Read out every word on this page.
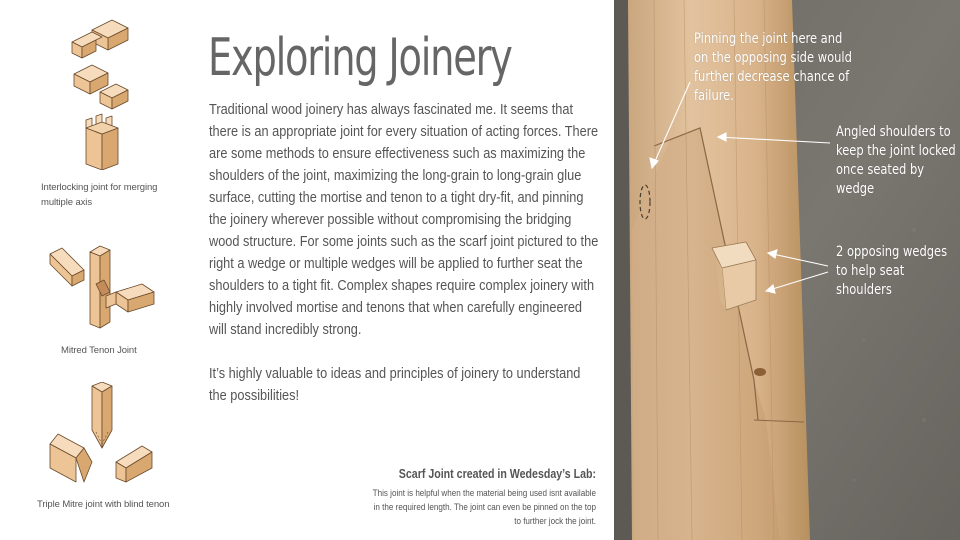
Interlocking joint for merging multiple axis
Mitred Tenon Joint
Triple Mitre joint with blind tenon
Exploring Joinery

Traditional wood joinery has always fascinated me. It seems that there is an appropriate joint for every situation of acting forces. There are some methods to ensure effectiveness such as maximizing the shoulders of the joint, maximizing the long-grain to long-grain glue surface, cutting the mortise and tenon to a tight dry-fit, and pinning the joinery wherever possible without compromising the bridging wood structure. For some joints such as the scarf joint pictured to the right a wedge or multiple wedges will be applied to further seat the shoulders to a tight fit. Complex shapes require complex joinery with highly involved mortise and tenons that when carefully engineered will stand incredibly strong.

It’s highly valuable to ideas and principles of joinery to understand the possibilities!

Scarf Joint created in Wedesday’s Lab:
This joint is helpful when the material being used isnt available in the required length. The joint can even be pinned on the top to further jock the joint.
Pinning the joint here and on the opposing side would further decrease chance of failure.
Angled shoulders to keep the joint locked once seated by wedge
2 opposing wedges to help seat shoulders
